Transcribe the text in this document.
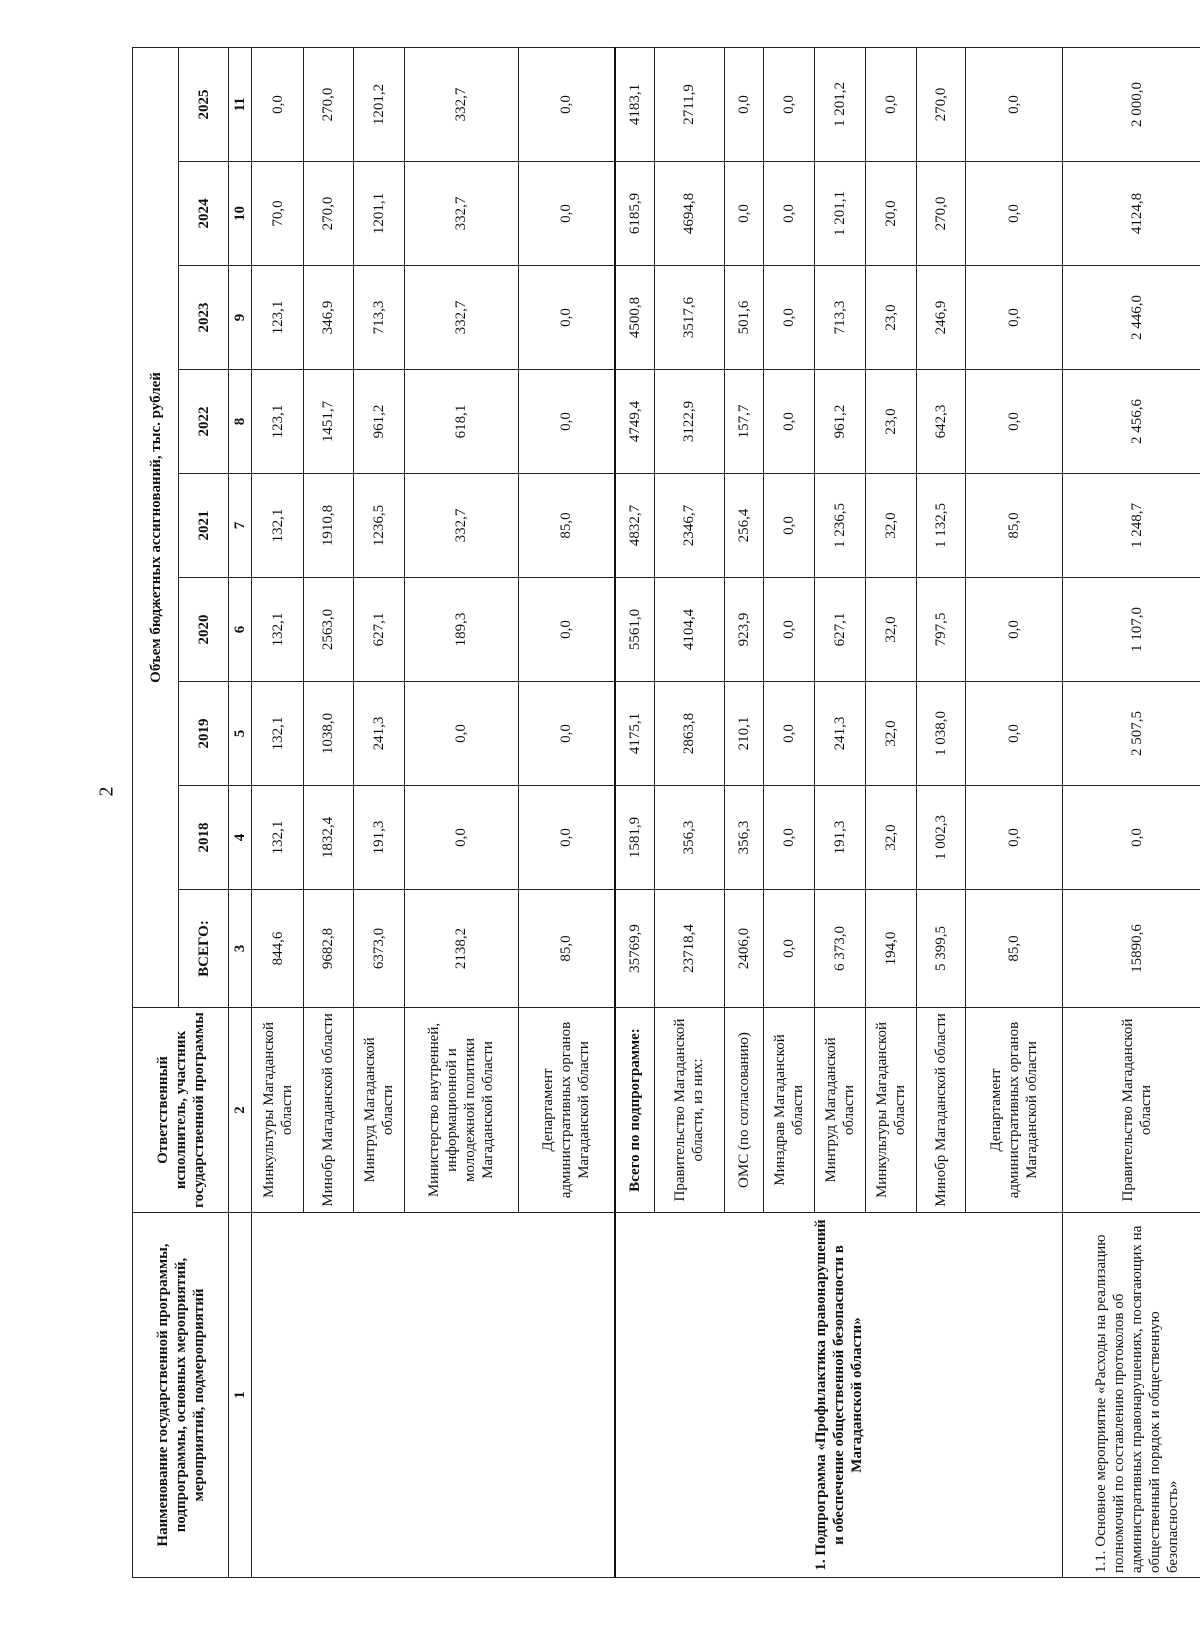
2
Наименование государственной программы, подпрограммы, основных мероприятий, мероприятий, подмероприятий	Ответственный исполнитель, участник государственной программы	Объем бюджетных ассигнований, тыс. рублей								
		ВСЕГО:	2018	2019	2020	2021	2022	2023	2024	2025
1	2	3	4	5	6	7	8	9	10	11
	Минкультуры Магаданской области	844,6	132,1	132,1	132,1	132,1	123,1	123,1	70,0	0,0
	Минобр Магаданской области	9682,8	1832,4	1038,0	2563,0	1910,8	1451,7	346,9	270,0	270,0
	Минтруд Магаданской области	6373,0	191,3	241,3	627,1	1236,5	961,2	713,3	1201,1	1201,2
	Министерство внутренней, информационной и молодежной политики Магаданской области	2138,2	0,0	0,0	189,3	332,7	618,1	332,7	332,7	332,7
	Департамент административных органов Магаданской области	85,0	0,0	0,0	0,0	85,0	0,0	0,0	0,0	0,0
1. Подпрограмма «Профилактика правонарушений и обеспечение общественной безопасности в Магаданской области»	Всего по подпрограмме:	35769,9	1581,9	4175,1	5561,0	4832,7	4749,4	4500,8	6185,9	4183,1
	Правительство Магаданской области, из них:	23718,4	356,3	2863,8	4104,4	2346,7	3122,9	3517,6	4694,8	2711,9
	ОМС (по согласованию)	2406,0	356,3	210,1	923,9	256,4	157,7	501,6	0,0	0,0
	Минздрав Магаданской области	0,0	0,0	0,0	0,0	0,0	0,0	0,0	0,0	0,0
	Минтруд Магаданской области	6 373,0	191,3	241,3	627,1	1 236,5	961,2	713,3	1 201,1	1 201,2
	Минкультуры Магаданской области	194,0	32,0	32,0	32,0	32,0	23,0	23,0	20,0	0,0
	Минобр Магаданской области	5 399,5	1 002,3	1 038,0	797,5	1 132,5	642,3	246,9	270,0	270,0
	Департамент административных органов Магаданской области	85,0	0,0	0,0	0,0	85,0	0,0	0,0	0,0	0,0
1.1. Основное мероприятие «Расходы на реализацию полномочий по составлению протоколов об административных правонарушениях, посягающих на общественный порядок и общественную безопасность»	Правительство Магаданской области	15890,6	0,0	2 507,5	1 107,0	1 248,7	2 456,6	2 446,0	4124,8	2 000,0
